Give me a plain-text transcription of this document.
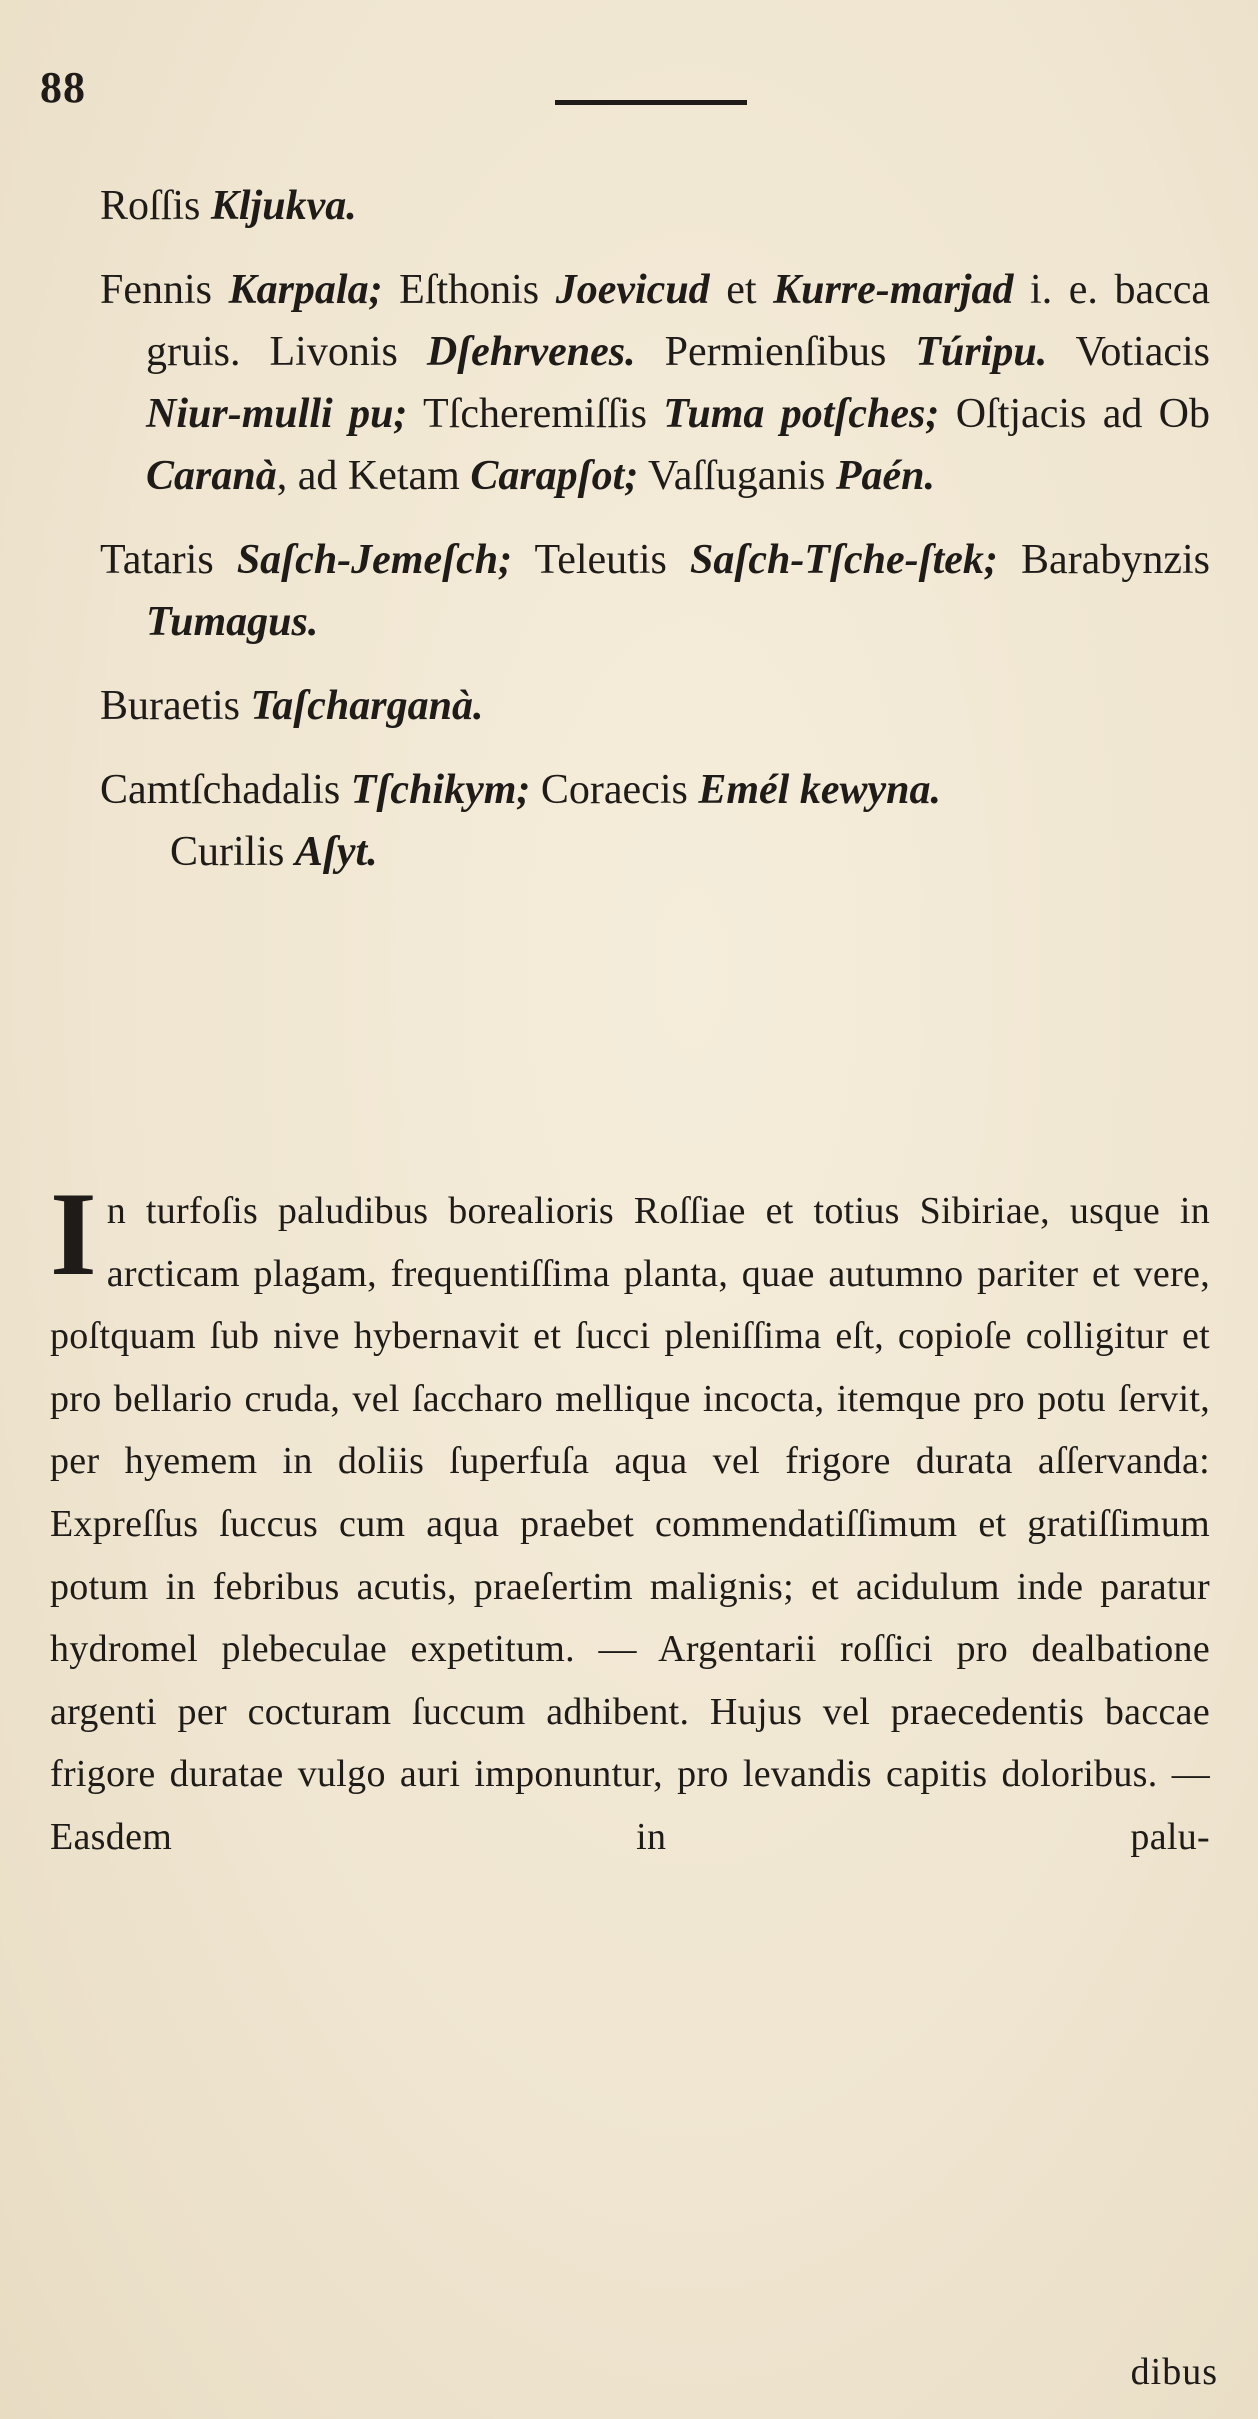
88

Roſſis Kljukva.

Fennis Karpala; Eſthonis Joevicud et Kurre-marjad i. e. bacca gruis. Livonis Dſehrvenes. Permienſibus Túripu. Votiacis Niur-mulli pu; Tſcheremiſſis Tuma potſches; Oſtjacis ad Ob Caranà, ad Ketam Carapſot; Vaſſuganis Paén.

Tataris Saſch-Jemeſch; Teleutis Saſch-Tſche-ſtek; Barabynzis Tumagus.

Buraetis Taſcharganà.

Camtſchadalis Tſchikym; Coraecis Emél kewyna.

Curilis Aſyt.

In turfoſis paludibus borealioris Roſſiae et totius Sibiriae, usque in arcticam plagam, frequentiſſima planta, quae autumno pariter et vere, poſtquam ſub nive hybernavit et ſucci pleniſſima eſt, copioſe colligitur et pro bellario cruda, vel ſaccharo mellique incocta, itemque pro potu ſervit, per hyemem in doliis ſuperfuſa aqua vel frigore durata aſſervanda: Expreſſus ſuccus cum aqua praebet commendatiſſimum et gratiſſimum potum in febribus acutis, praeſertim malignis; et acidulum inde paratur hydromel plebeculae expetitum. — Argentarii roſſici pro dealbatione argenti per cocturam ſuccum adhibent. Hujus vel praecedentis baccae frigore duratae vulgo auri imponuntur, pro levandis capitis doloribus. — Easdem in palu-
dibus
